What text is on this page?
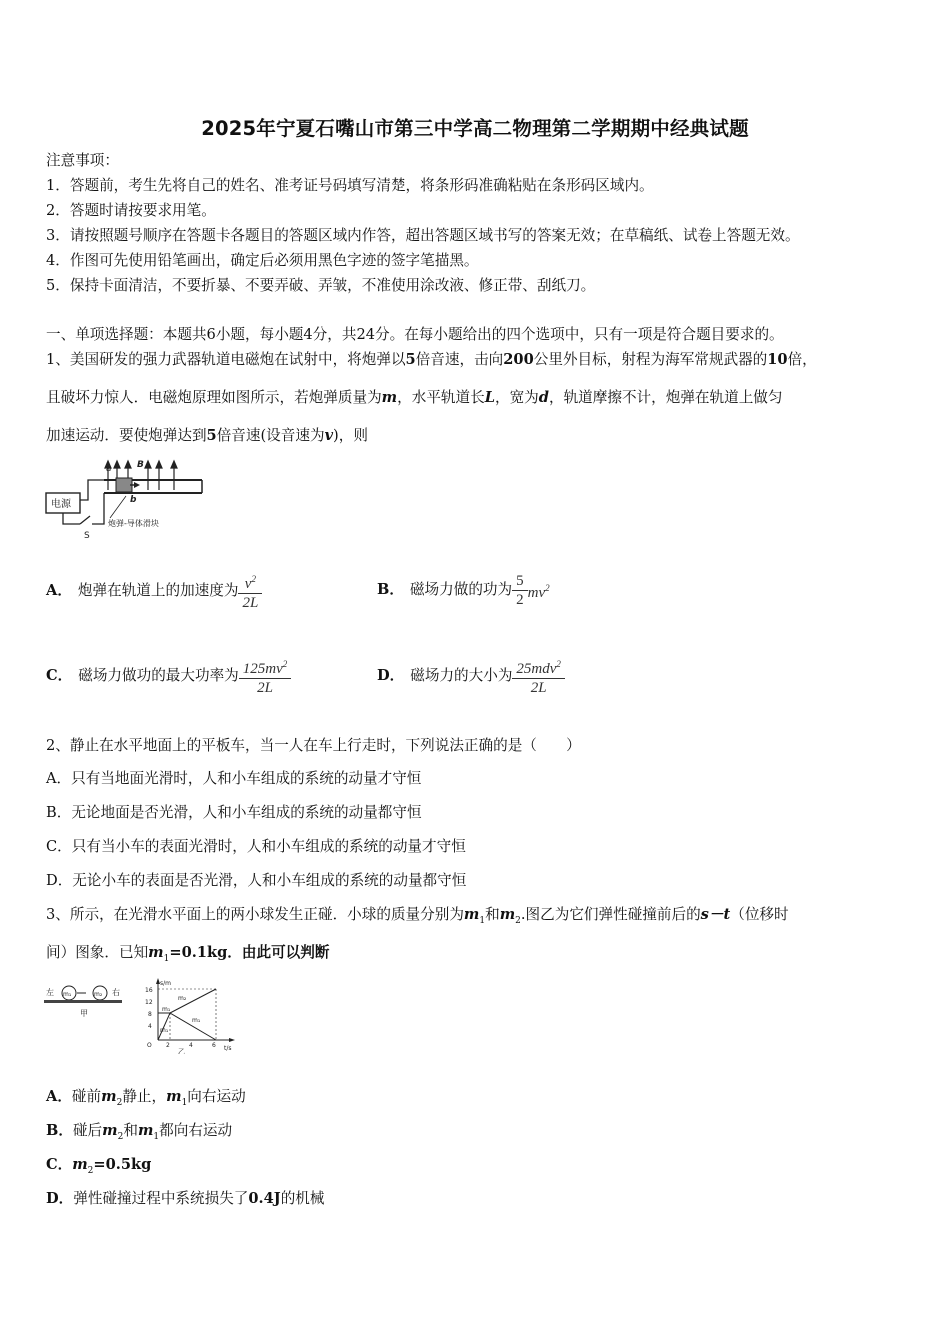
2025年宁夏石嘴山市第三中学高二物理第二学期期中经典试题
注意事项：
1．答题前，考生先将自己的姓名、准考证号码填写清楚，将条形码准确粘贴在条形码区域内。
2．答题时请按要求用笔。
3．请按照题号顺序在答题卡各题目的答题区域内作答，超出答题区域书写的答案无效；在草稿纸、试卷上答题无效。
4．作图可先使用铅笔画出，确定后必须用黑色字迹的签字笔描黑。
5．保持卡面清洁，不要折暴、不要弄破、弄皱，不准使用涂改液、修正带、刮纸刀。
一、单项选择题：本题共6小题，每小题4分，共24分。在每小题给出的四个选项中，只有一项是符合题目要求的。
1、美国研发的强力武器轨道电磁炮在试射中，将炮弹以5倍音速，击向200公里外目标，射程为海军常规武器的10倍，
且破坏力惊人．电磁炮原理如图所示，若炮弹质量为m，水平轨道长L，宽为d，轨道摩擦不计，炮弹在轨道上做匀
加速运动．要使炮弹达到5倍音速(设音速为v)，则
a	B
b
电源
S
炮弹-导体滑块
A． 炮弹在轨道上的加速度为 $\frac{v^2}{2L}$	B． 磁场力做的功为 $\frac{5}{2} mv^2$
C． 磁场力做功的最大功率为 $\frac{125mv^2}{2L}$	D． 磁场力的大小为 $\frac{25mdv^2}{2L}$
2、静止在水平地面上的平板车，当一人在车上行走时，下列说法正确的是（　　）
A．只有当地面光滑时，人和小车组成的系统的动量才守恒
B．无论地面是否光滑，人和小车组成的系统的动量都守恒
C．只有当小车的表面光滑时，人和小车组成的系统的动量才守恒
D．无论小车的表面是否光滑，人和小车组成的系统的动量都守恒
3、所示，在光滑水平面上的两小球发生正碰．小球的质量分别为$m_1$和$m_2$.图乙为它们弹性碰撞前后的s－t（位移时
间）图象．已知$m_1=0.1kg$．由此可以判断
左 m₁	m₂ 右
甲
s/m
t/s
O
16
12
8
4
2	4	6
m₂
m₁
m₁
m₁
乙
A．碰前$m_2$静止，$m_1$向右运动
B．碰后$m_2$和$m_1$都向右运动
C．$m_2=0.5kg$
D．弹性碰撞过程中系统损失了0.4J的机械
